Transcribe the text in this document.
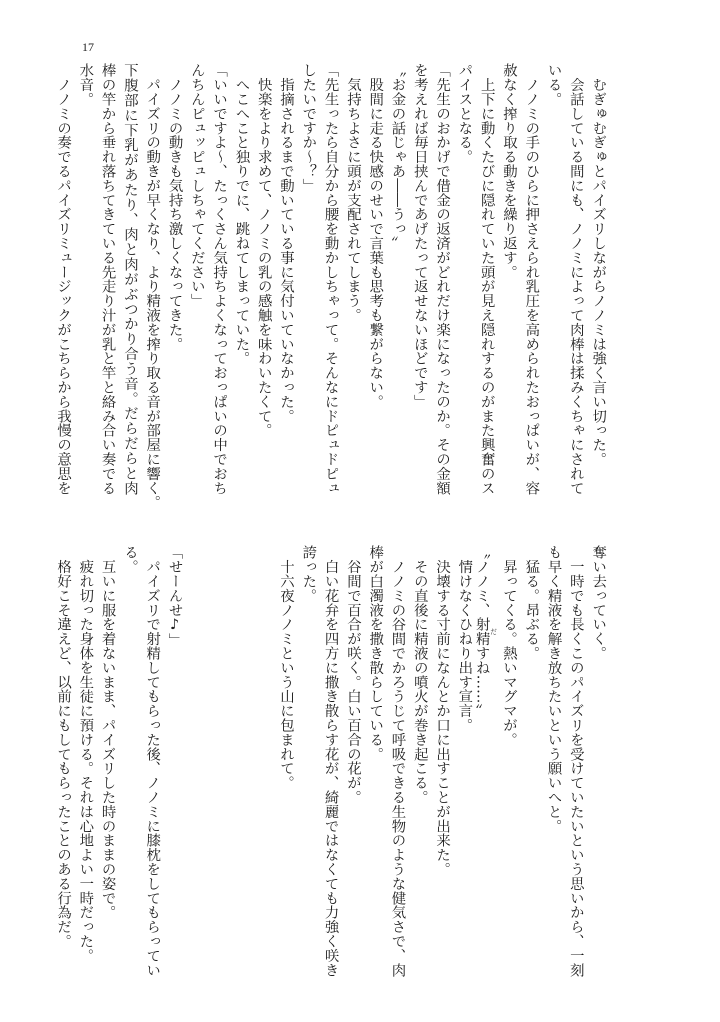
17
　むぎゅむぎゅとパイズリしながらノノミは強く言い切った。
　会話している間にも、ノノミによって肉棒は揉みくちゃにされて
いる。
　ノノミの手のひらに押さえられ乳圧を高められたおっぱいが、容
赦なく搾り取る動きを繰り返す。
　上下に動くたびに隠れていた頭が見え隠れするのがまた興奮のス
パイスとなる。
「先生のおかげで借金の返済がどれだけ楽になったのか。その金額
を考えれば毎日挟んであげたって返せないほどです」
〝お金の話じゃあ――うっ〟
　股間に走る快感のせいで言葉も思考も繋がらない。
　気持ちよさに頭が支配されてしまう。
「先生ったら自分から腰を動かしちゃって。そんなにドピュドピュ
したいですか～？」
　指摘されるまで動いている事に気付いていなかった。
　快楽をより求めて、ノノミの乳の感触を味わいたくて。
　へこへこと独りでに、跳ねてしまっていた。
「いいですよ～、たっくさん気持ちよくなっておっぱいの中でおち
んちんピュッピュしちゃてください」
　ノノミの動きも気持ち激しくなってきた。
　パイズリの動きが早くなり、より精液を搾り取る音が部屋に響く。
下腹部に下乳があたり、肉と肉がぶつかり合う音。だらだらと肉
棒の竿から垂れ落ちてきている先走り汁が乳と竿と絡み合い奏でる
水音。
　ノノミの奏でるパイズリミュージックがこちらから我慢の意思を
奪い去っていく。
　一時でも長くこのパイズリを受けていたいという思いから、一刻
も早く精液を解き放ちたいという願いへと。
　猛る。昂ぶる。
　昇ってくる。熱いマグマが。
〝ノノミ、射精 だすね……〟
　情けなくひねり出す宣言。
　決壊する寸前になんとか口に出すことが出来た。
　その直後に精液の噴火が巻き起こる。
　ノノミの谷間でかろうじて呼吸できる生物のような健気さで、肉
棒が白濁液を撒き散らしている。
　谷間で百合が咲く。白い百合の花が。
　白い花弁を四方に撒き散らす花が、綺麗ではなくても力強く咲き
誇った。
　十六夜ノノミという山に包まれて。
「せーんせ♪」
　パイズリで射精してもらった後、ノノミに膝枕をしてもらってい
る。
　互いに服を着ないまま、パイズリした時のままの姿で。
　疲れ切った身体を生徒に預ける。それは心地よい一時だった。
　格好こそ違えど、以前にもしてもらったことのある行為だ。
